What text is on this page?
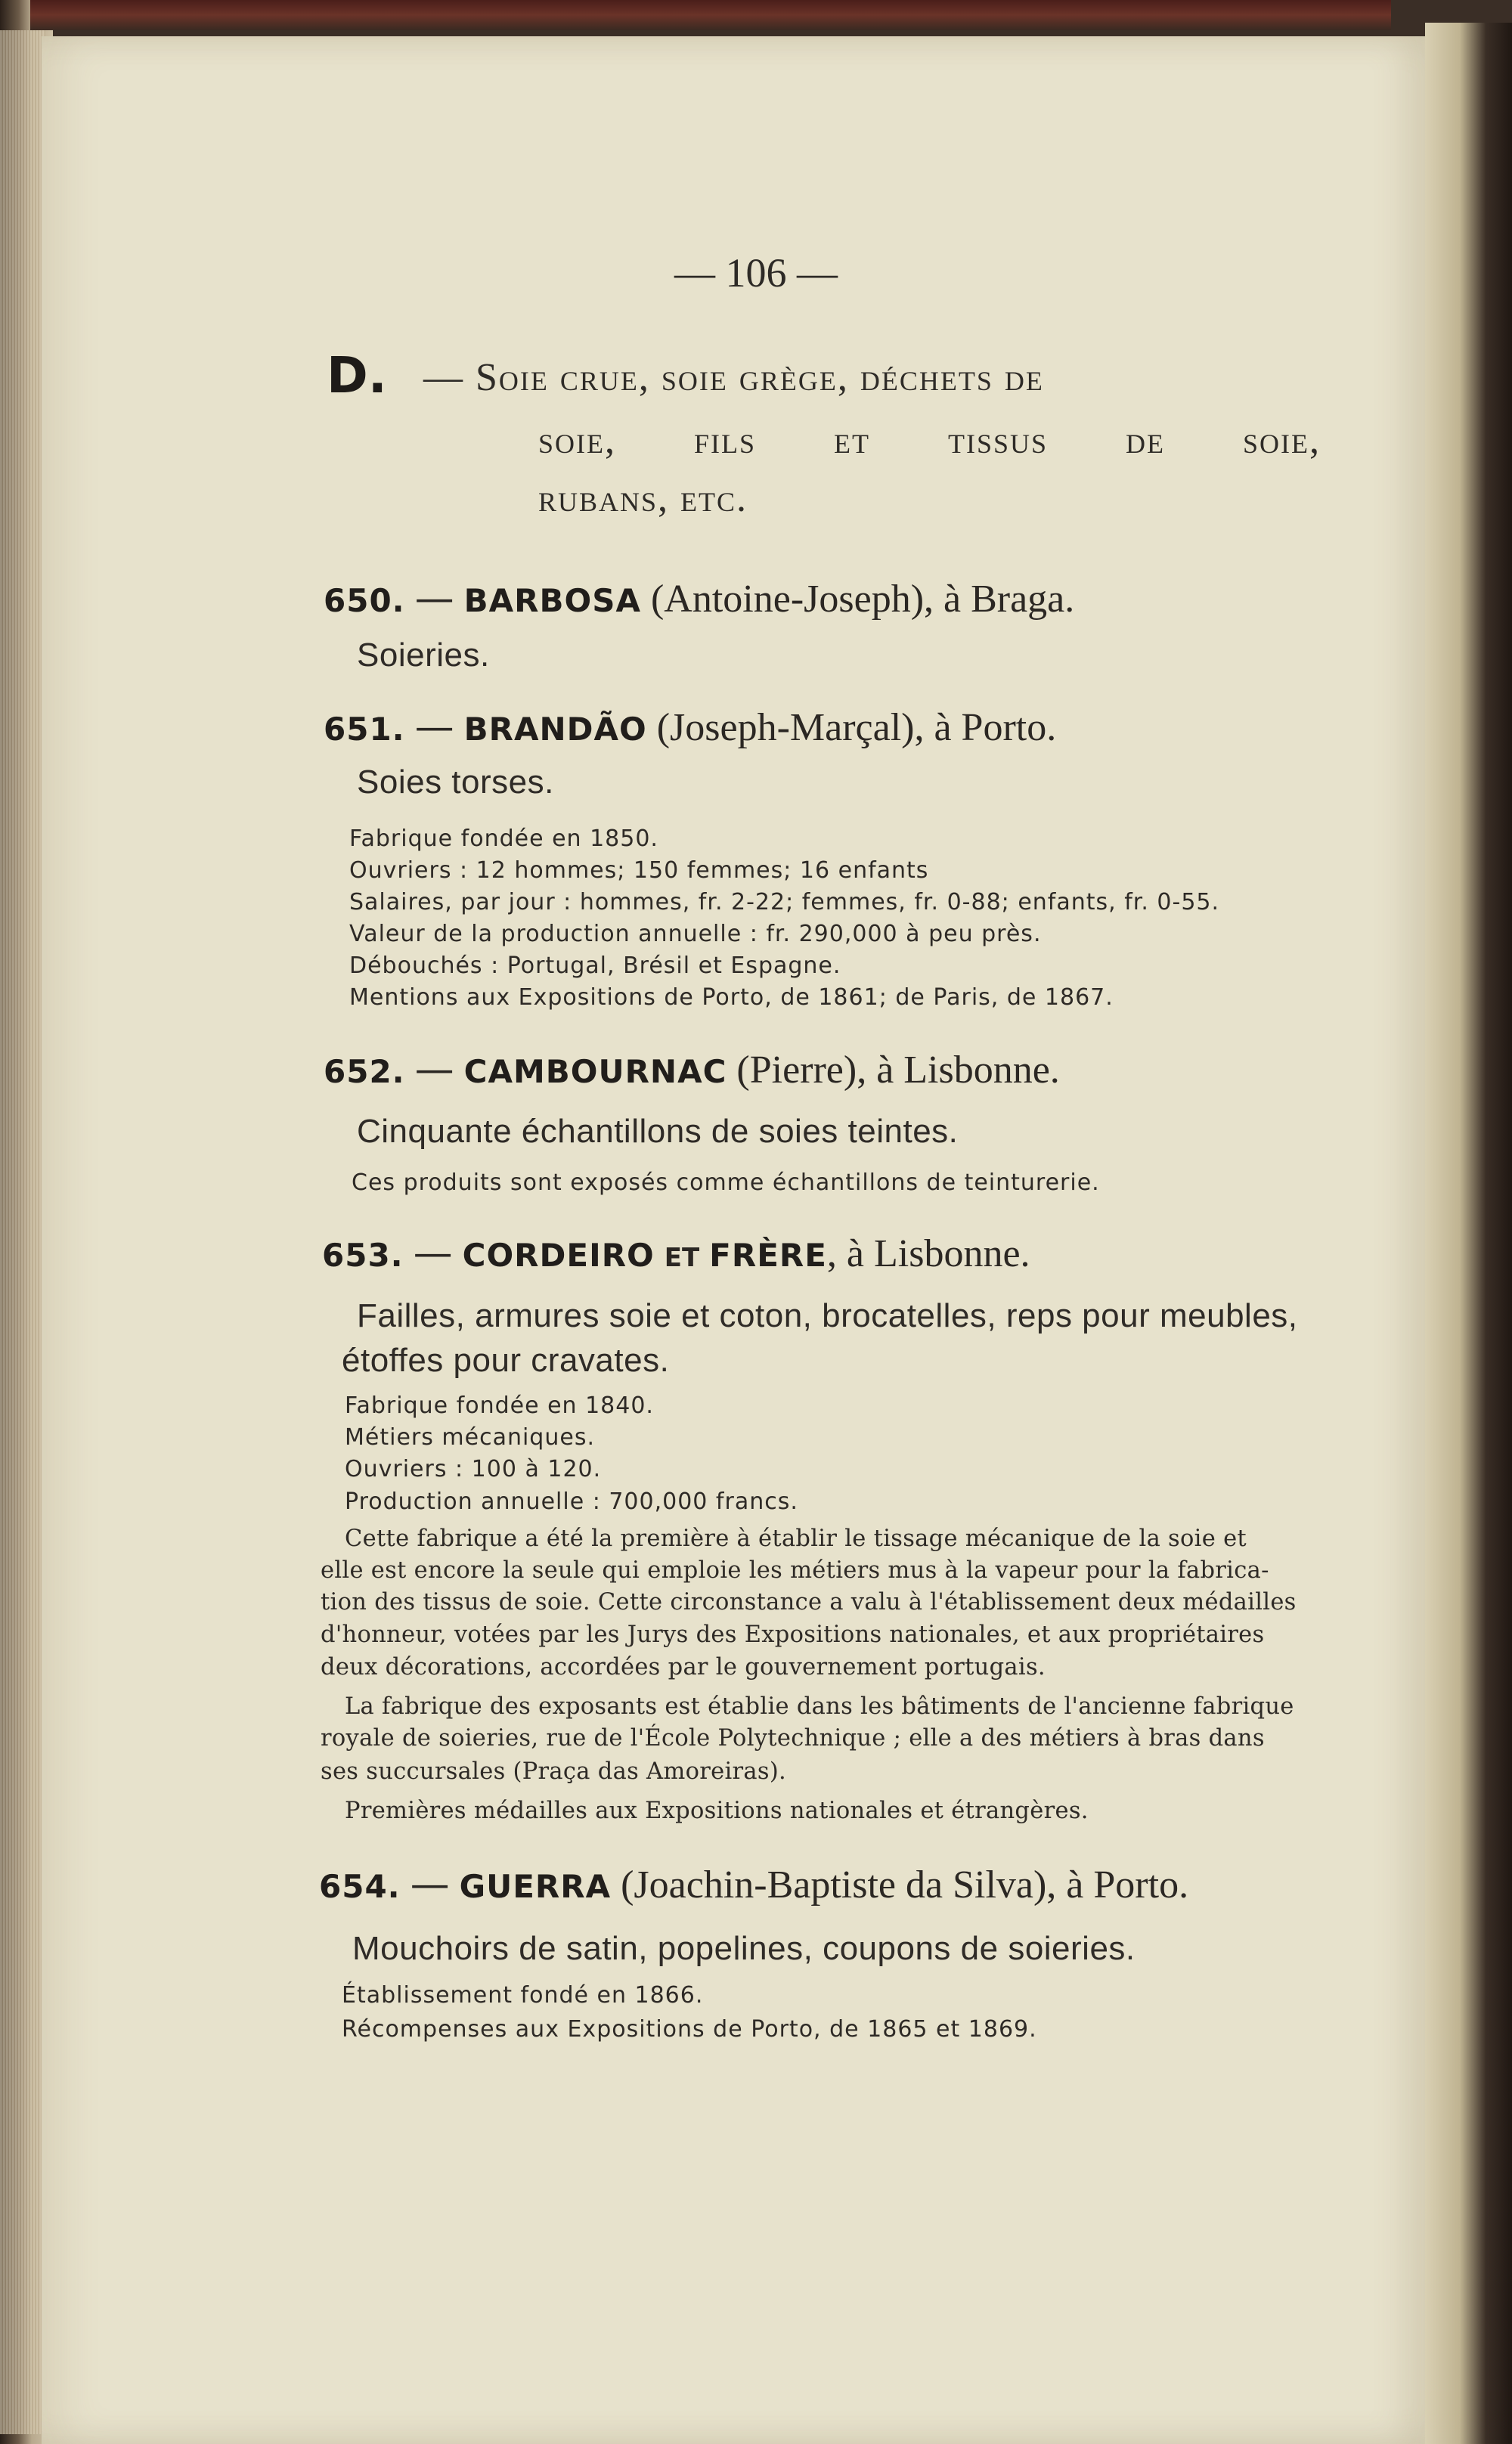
— 106 —
D. — Soie crue, soie grège, déchets de
soie, fils et tissus de soie,
rubans, etc.
650. — BARBOSA (Antoine-Joseph), à Braga.
Soieries.
651. — BRANDÃO (Joseph-Marçal), à Porto.
Soies torses.
Fabrique fondée en 1850.
Ouvriers : 12 hommes; 150 femmes; 16 enfants
Salaires, par jour : hommes, fr. 2-22; femmes, fr. 0-88; enfants, fr. 0-55.
Valeur de la production annuelle : fr. 290,000 à peu près.
Débouchés : Portugal, Brésil et Espagne.
Mentions aux Expositions de Porto, de 1861; de Paris, de 1867.
652. — CAMBOURNAC (Pierre), à Lisbonne.
Cinquante échantillons de soies teintes.
Ces produits sont exposés comme échantillons de teinturerie.
653. — CORDEIRO ET FRÈRE, à Lisbonne.
Failles, armures soie et coton, brocatelles, reps pour meubles,
étoffes pour cravates.
Fabrique fondée en 1840.
Métiers mécaniques.
Ouvriers : 100 à 120.
Production annuelle : 700,000 francs.
Cette fabrique a été la première à établir le tissage mécanique de la soie et
elle est encore la seule qui emploie les métiers mus à la vapeur pour la fabrica-
tion des tissus de soie. Cette circonstance a valu à l'établissement deux médailles
d'honneur, votées par les Jurys des Expositions nationales, et aux propriétaires
deux décorations, accordées par le gouvernement portugais.
La fabrique des exposants est établie dans les bâtiments de l'ancienne fabrique
royale de soieries, rue de l'École Polytechnique ; elle a des métiers à bras dans
ses succursales (Praça das Amoreiras).
Premières médailles aux Expositions nationales et étrangères.
654. — GUERRA (Joachin-Baptiste da Silva), à Porto.
Mouchoirs de satin, popelines, coupons de soieries.
Établissement fondé en 1866.
Récompenses aux Expositions de Porto, de 1865 et 1869.
